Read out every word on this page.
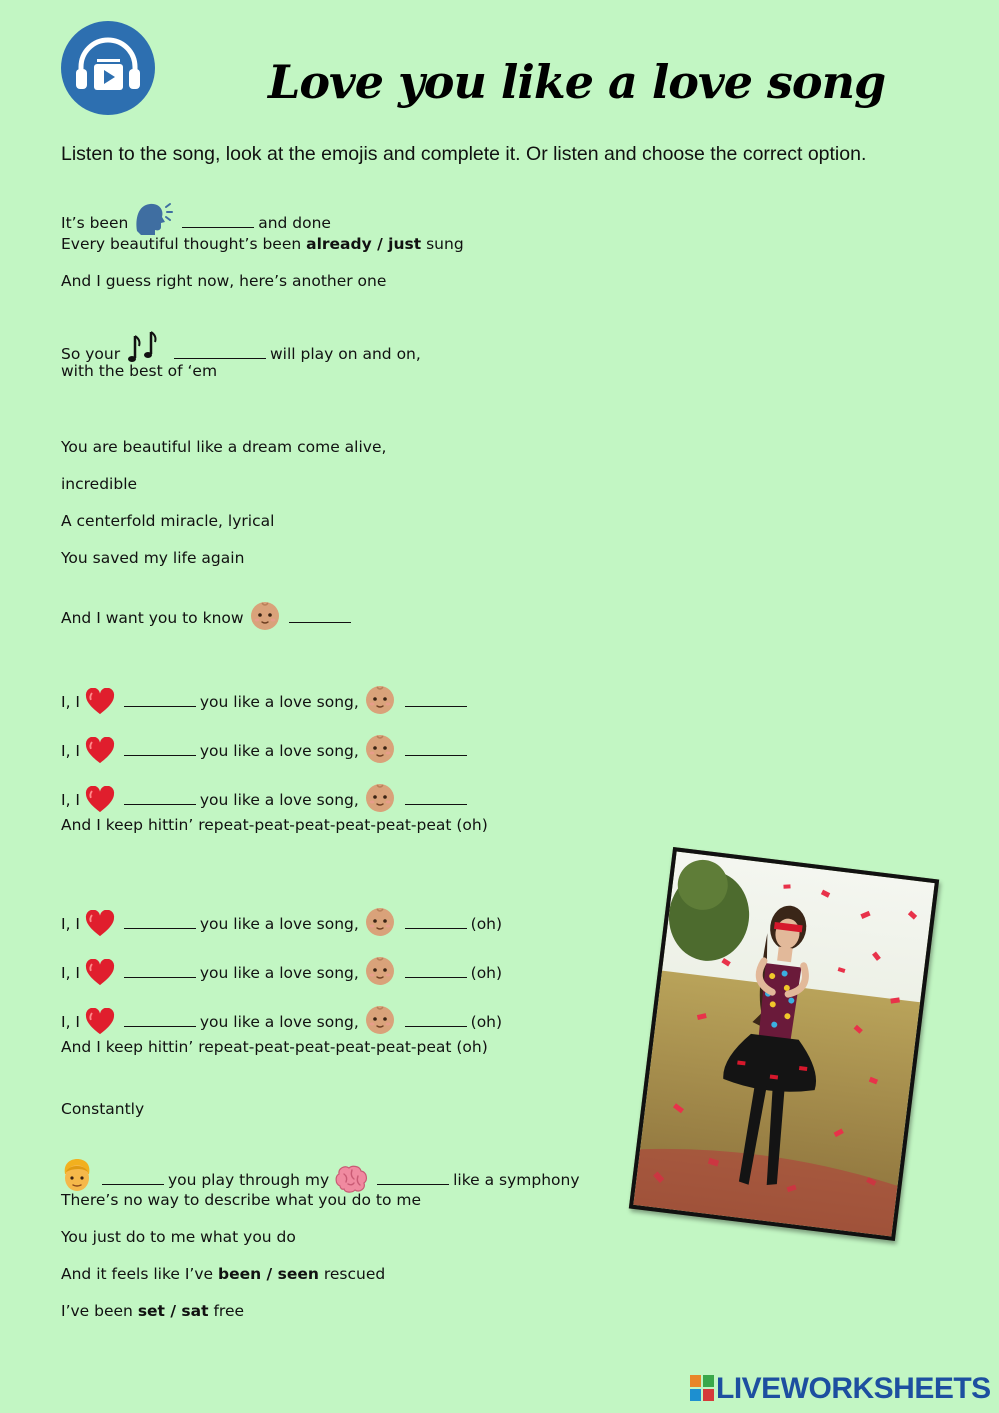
Love you like a love song
Listen to the song, look at the emojis and complete it. Or listen and choose the correct option.
It’s been	and done
Every beautiful thought’s been already / just sung
And I guess right now, here’s another one
So your	will play on and on,
with the best of ‘em
You are beautiful like a dream come alive,
incredible
A centerfold miracle, lyrical
You saved my life again
And I want you to know

I, I	you like a love song,

I, I	you like a love song,

I, I	you like a love song,

And I keep hittin’ repeat-peat-peat-peat-peat-peat (oh)
I, I	you like a love song,	(oh)
I, I	you like a love song,	(oh)
I, I	you like a love song,	(oh)
And I keep hittin’ repeat-peat-peat-peat-peat-peat (oh)
Constantly
you play through my	like a symphony
There’s no way to describe what you do to me
You just do to me what you do
And it feels like I’ve been / seen rescued
I’ve been set / sat free
LIVEWORKSHEETS
